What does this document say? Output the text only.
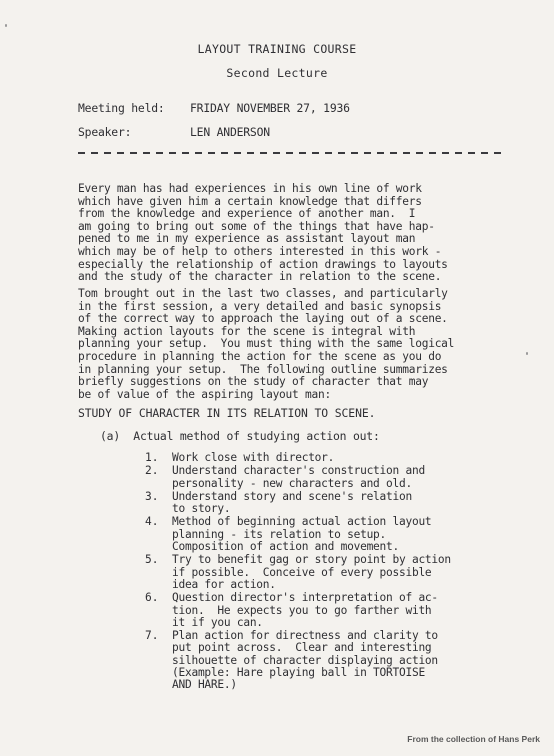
LAYOUT TRAINING COURSE
Second Lecture
Meeting held: FRIDAY NOVEMBER 27, 1936
Speaker:	LEN ANDERSON
Every man has had experiences in his own line of work
which have given him a certain knowledge that differs
from the knowledge and experience of another man.  I
am going to bring out some of the things that have hap-
pened to me in my experience as assistant layout man
which may be of help to others interested in this work -
especially the relationship of action drawings to layouts
and the study of the character in relation to the scene.
Tom brought out in the last two classes, and particularly
in the first session, a very detailed and basic synopsis
of the correct way to approach the laying out of a scene.
Making action layouts for the scene is integral with
planning your setup.  You must thing with the same logical
procedure in planning the action for the scene as you do
in planning your setup.  The following outline summarizes
briefly suggestions on the study of character that may
be of value of the aspiring layout man:
STUDY OF CHARACTER IN ITS RELATION TO SCENE.
(a)  Actual method of studying action out:
1.	Work close with director.
2.	Understand character's construction and
personality - new characters and old.
3.	Understand story and scene's relation
to story.
4.	Method of beginning actual action layout
planning - its relation to setup.
Composition of action and movement.
5.	Try to benefit gag or story point by action
if possible.  Conceive of every possible
idea for action.
6.	Question director's interpretation of ac-
tion.  He expects you to go farther with
it if you can.
7.	Plan action for directness and clarity to
put point across.  Clear and interesting
silhouette of character displaying action
(Example: Hare playing ball in TORTOISE
AND HARE.)
From the collection of Hans Perk
